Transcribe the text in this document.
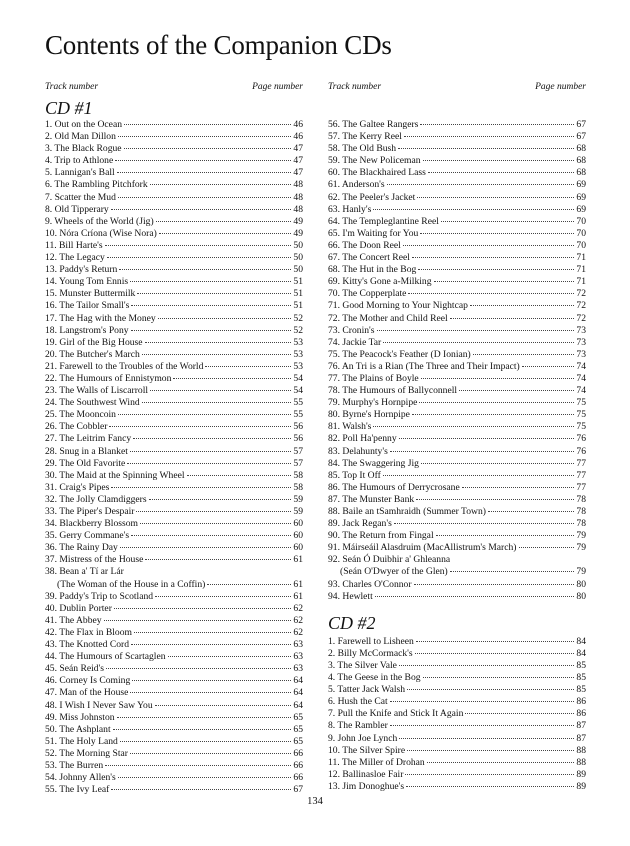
Contents of the Companion CDs
Track number	Page number
CD #1
1. Out on the Ocean	46
2. Old Man Dillon	46
3. The Black Rogue	47
4. Trip to Athlone	47
5. Lannigan's Ball	47
6. The Rambling Pitchfork	48
7. Scatter the Mud	48
8. Old Tipperary	48
9. Wheels of the World (Jig)	49
10. Nóra Críona (Wise Nora)	49
11. Bill Harte's	50
12. The Legacy	50
13. Paddy's Return	50
14. Young Tom Ennis	51
15. Munster Buttermilk	51
16. The Tailor Small's	51
17. The Hag with the Money	52
18. Langstrom's Pony	52
19. Girl of the Big House	53
20. The Butcher's March	53
21. Farewell to the Troubles of the World	53
22. The Humours of Ennistymon	54
23. The Walls of Liscarroll	54
24. The Southwest Wind	55
25. The Mooncoin	55
26. The Cobbler	56
27. The Leitrim Fancy	56
28. Snug in a Blanket	57
29. The Old Favorite	57
30. The Maid at the Spinning Wheel	58
31. Craig's Pipes	58
32. The Jolly Clamdiggers	59
33. The Piper's Despair	59
34. Blackberry Blossom	60
35. Gerry Commane's	60
36. The Rainy Day	60
37. Mistress of the House	61
38. Bean a' Tí ar Lár
(The Woman of the House in a Coffin)	61
39. Paddy's Trip to Scotland	61
40. Dublin Porter	62
41. The Abbey	62
42. The Flax in Bloom	62
43. The Knotted Cord	63
44. The Humours of Scartaglen	63
45. Seán Reid's	63
46. Corney Is Coming	64
47. Man of the House	64
48. I Wish I Never Saw You	64
49. Miss Johnston	65
50. The Ashplant	65
51. The Holy Land	65
52. The Morning Star	66
53. The Burren	66
54. Johnny Allen's	66
55. The Ivy Leaf	67
Track number	Page number
56. The Galtee Rangers	67
57. The Kerry Reel	67
58. The Old Bush	68
59. The New Policeman	68
60. The Blackhaired Lass	68
61. Anderson's	69
62. The Peeler's Jacket	69
63. Hanly's	69
64. The Templeglantine Reel	70
65. I'm Waiting for You	70
66. The Doon Reel	70
67. The Concert Reel	71
68. The Hut in the Bog	71
69. Kitty's Gone a-Milking	71
70. The Copperplate	72
71. Good Morning to Your Nightcap	72
72. The Mother and Child Reel	72
73. Cronin's	73
74. Jackie Tar	73
75. The Peacock's Feather (D Ionian)	73
76. An Tri is a Rian (The Three and Their Impact)	74
77. The Plains of Boyle	74
78. The Humours of Ballyconnell	74
79. Murphy's Hornpipe	75
80. Byrne's Hornpipe	75
81. Walsh's	75
82. Poll Ha'penny	76
83. Delahunty's	76
84. The Swaggering Jig	77
85. Top It Off	77
86. The Humours of Derrycrosane	77
87. The Munster Bank	78
88. Baile an tSamhraidh (Summer Town)	78
89. Jack Regan's	78
90. The Return from Fingal	79
91. Máirseáil Alasdruim (MacAllistrum's March)	79
92. Seán Ó Duibhir a' Ghleanna
(Seán O'Dwyer of the Glen)	79
93. Charles O'Connor	80
94. Hewlett	80
CD #2
1. Farewell to Lisheen	84
2. Billy McCormack's	84
3. The Silver Vale	85
4. The Geese in the Bog	85
5. Tatter Jack Walsh	85
6. Hush the Cat	86
7. Pull the Knife and Stick It Again	86
8. The Rambler	87
9. John Joe Lynch	87
10. The Silver Spire	88
11. The Miller of Drohan	88
12. Ballinasloe Fair	89
13. Jim Donoghue's	89
134
